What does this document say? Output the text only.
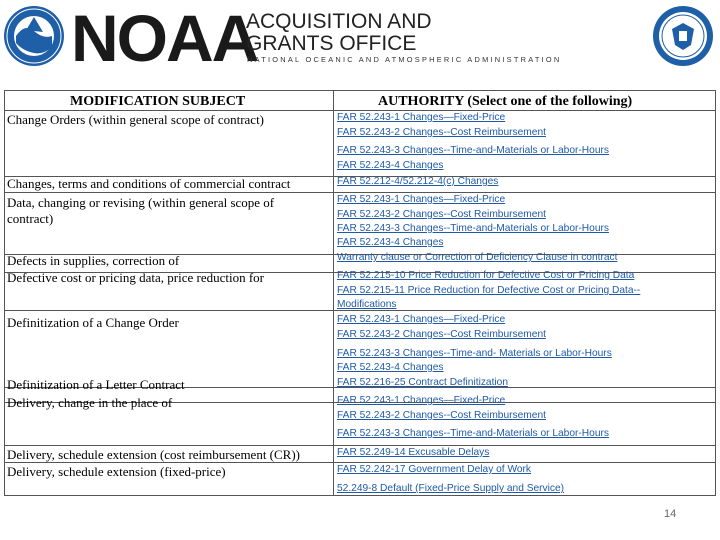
NOAA
ACQUISITION AND
GRANTS OFFICE
NATIONAL OCEANIC AND ATMOSPHERIC ADMINISTRATION
MODIFICATION SUBJECT	AUTHORITY (Select one of the following)
Change Orders (within general scope of contract)
Changes, terms and conditions of commercial contract
Data, changing or revising (within general scope of
contract)
Defects in supplies, correction of
Defective cost or pricing data, price reduction for
Definitization of a Change Order
Definitization of a Letter Contract
Delivery, change in the place of
Delivery, schedule extension (cost reimbursement (CR))
Delivery, schedule extension (fixed-price)
FAR 52.243-1 Changes—Fixed-Price
FAR 52.243-2 Changes--Cost Reimbursement
FAR 52.243-3 Changes--Time-and-Materials or Labor-Hours
FAR 52.243-4 Changes
FAR 52.212-4/52.212-4(c) Changes
FAR 52.243-1 Changes—Fixed-Price
FAR 52.243-2 Changes--Cost Reimbursement
FAR 52.243-3 Changes--Time-and-Materials or Labor-Hours
FAR 52.243-4 Changes
Warranty clause or Correction of Deficiency Clause in contract
FAR 52.215-10 Price Reduction for Defective Cost or Pricing Data
FAR 52.215-11 Price Reduction for Defective Cost or Pricing Data--
Modifications
FAR 52.243-1 Changes—Fixed-Price
FAR 52.243-2 Changes--Cost Reimbursement
FAR 52.243-3 Changes--Time-and- Materials or Labor-Hours
FAR 52.243-4 Changes
FAR 52.216-25 Contract Definitization
FAR 52.243-1 Changes—Fixed-Price
FAR 52.243-2 Changes--Cost Reimbursement
FAR 52.243-3 Changes--Time-and-Materials or Labor-Hours
FAR 52.249-14 Excusable Delays
FAR 52.242-17 Government Delay of Work
52.249-8 Default (Fixed-Price Supply and Service)
14
